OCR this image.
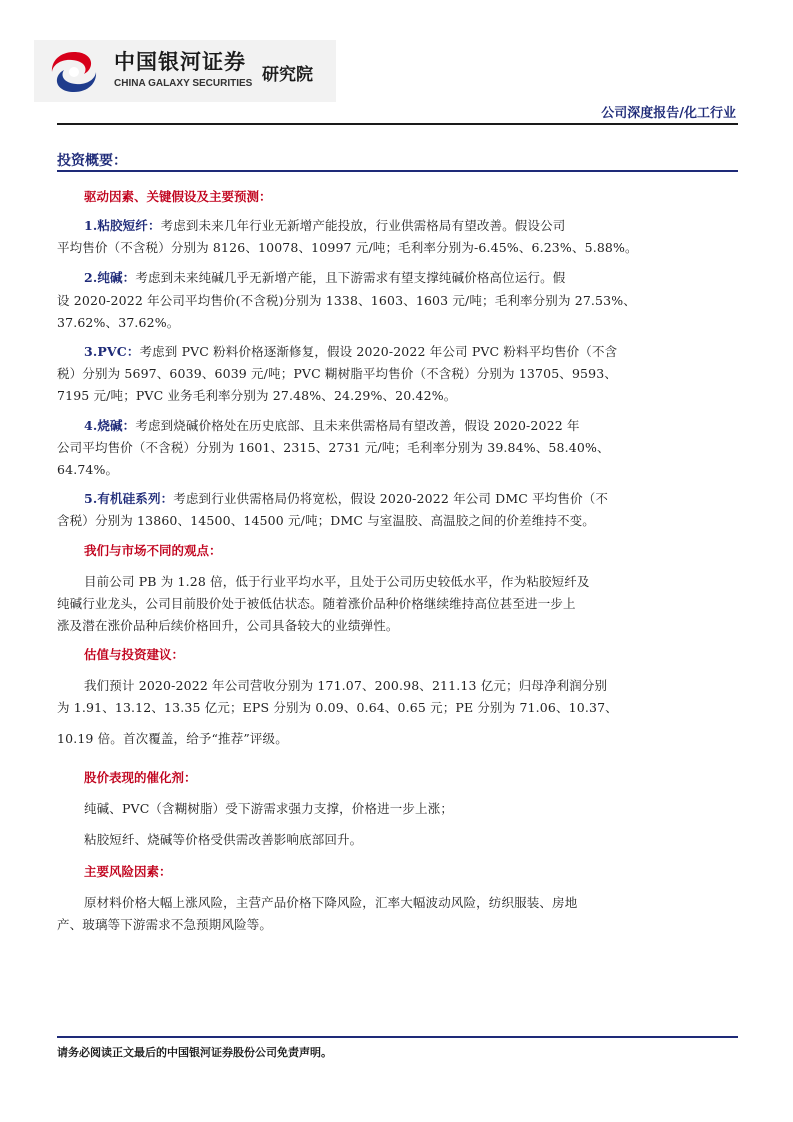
中国银河证券
CHINA GALAXY SECURITIES 研究院
公司深度报告/化工行业
投资概要：
驱动因素、关键假设及主要预测：
1.粘胶短纤：考虑到未来几年行业无新增产能投放，行业供需格局有望改善。假设公司
平均售价（不含税）分别为 8126、10078、10997 元/吨；毛利率分别为-6.45%、6.23%、5.88%。
2.纯碱：考虑到未来纯碱几乎无新增产能，且下游需求有望支撑纯碱价格高位运行。假
设 2020-2022 年公司平均售价(不含税)分别为 1338、1603、1603 元/吨；毛利率分别为 27.53%、
37.62%、37.62%。
3.PVC：考虑到 PVC 粉料价格逐渐修复，假设 2020-2022 年公司 PVC 粉料平均售价（不含
税）分别为 5697、6039、6039 元/吨；PVC 糊树脂平均售价（不含税）分别为 13705、9593、
7195 元/吨；PVC 业务毛利率分别为 27.48%、24.29%、20.42%。
4.烧碱：考虑到烧碱价格处在历史底部、且未来供需格局有望改善，假设 2020-2022 年
公司平均售价（不含税）分别为 1601、2315、2731 元/吨；毛利率分别为 39.84%、58.40%、
64.74%。
5.有机硅系列：考虑到行业供需格局仍将宽松，假设 2020-2022 年公司 DMC 平均售价（不
含税）分别为 13860、14500、14500 元/吨；DMC 与室温胶、高温胶之间的价差维持不变。
我们与市场不同的观点：
目前公司 PB 为 1.28 倍，低于行业平均水平，且处于公司历史较低水平，作为粘胶短纤及
纯碱行业龙头，公司目前股价处于被低估状态。随着涨价品种价格继续维持高位甚至进一步上
涨及潜在涨价品种后续价格回升，公司具备较大的业绩弹性。
估值与投资建议：
我们预计 2020-2022 年公司营收分别为 171.07、200.98、211.13 亿元；归母净利润分别
为 1.91、13.12、13.35 亿元；EPS 分别为 0.09、0.64、0.65 元；PE 分别为 71.06、10.37、
10.19 倍。首次覆盖，给予“推荐”评级。
股价表现的催化剂：
纯碱、PVC（含糊树脂）受下游需求强力支撑，价格进一步上涨；
粘胶短纤、烧碱等价格受供需改善影响底部回升。
主要风险因素：
原材料价格大幅上涨风险，主营产品价格下降风险，汇率大幅波动风险，纺织服装、房地
产、玻璃等下游需求不急预期风险等。
请务必阅读正文最后的中国银河证券股份公司免责声明。
